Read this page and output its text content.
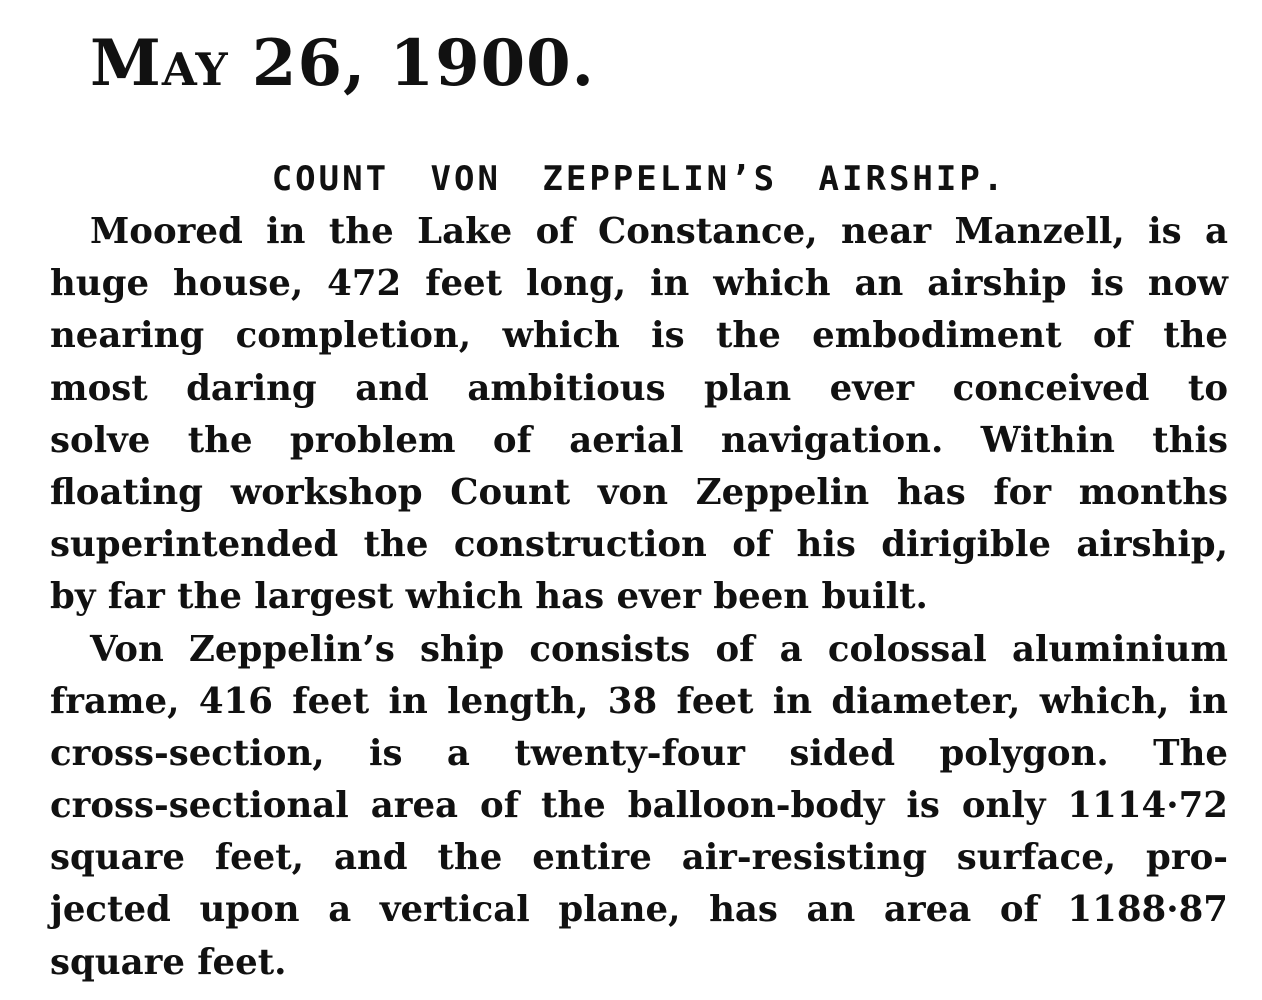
May 26, 1900.
COUNT VON ZEPPELIN’S AIRSHIP.

Moored in the Lake of Constance, near Manzell, is a
huge house, 472 feet long, in which an airship is now
nearing completion, which is the embodiment of the
most daring and ambitious plan ever conceived to
solve the problem of aerial navigation. Within this
floating workshop Count von Zeppelin has for months
superintended the construction of his dirigible airship,
by far the largest which has ever been built.

Von Zeppelin’s ship consists of a colossal aluminium
frame, 416 feet in length, 38 feet in diameter, which, in
cross-section, is a twenty-four sided polygon. The
cross-sectional area of the balloon-body is only 1114·72
square feet, and the entire air-resisting surface, pro-
jected upon a vertical plane, has an area of 1188·87
square feet.
